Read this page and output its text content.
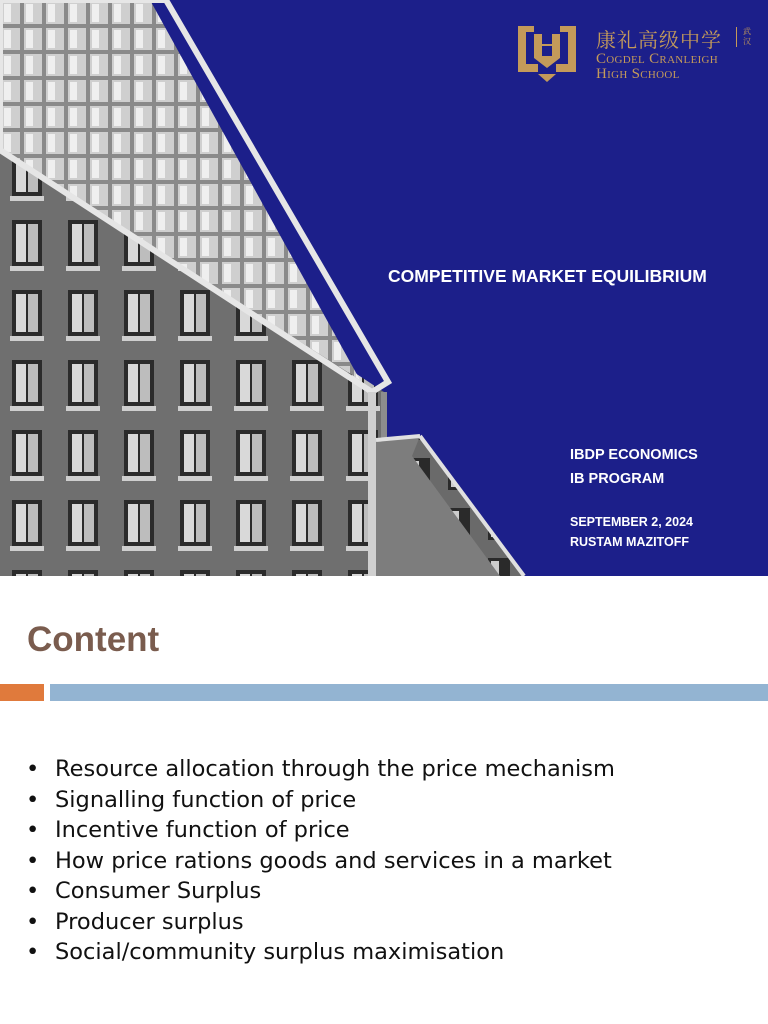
康礼高级中学	武汉
Cogdel Cranleigh
High School
COMPETITIVE MARKET EQUILIBRIUM
IBDP ECONOMICS
IB PROGRAM
SEPTEMBER 2, 2024
RUSTAM MAZITOFF
Content
• Resource allocation through the price mechanism
• Signalling function of price
• Incentive function of price
• How price rations goods and services in a market
• Consumer Surplus
• Producer surplus
• Social/community surplus maximisation
